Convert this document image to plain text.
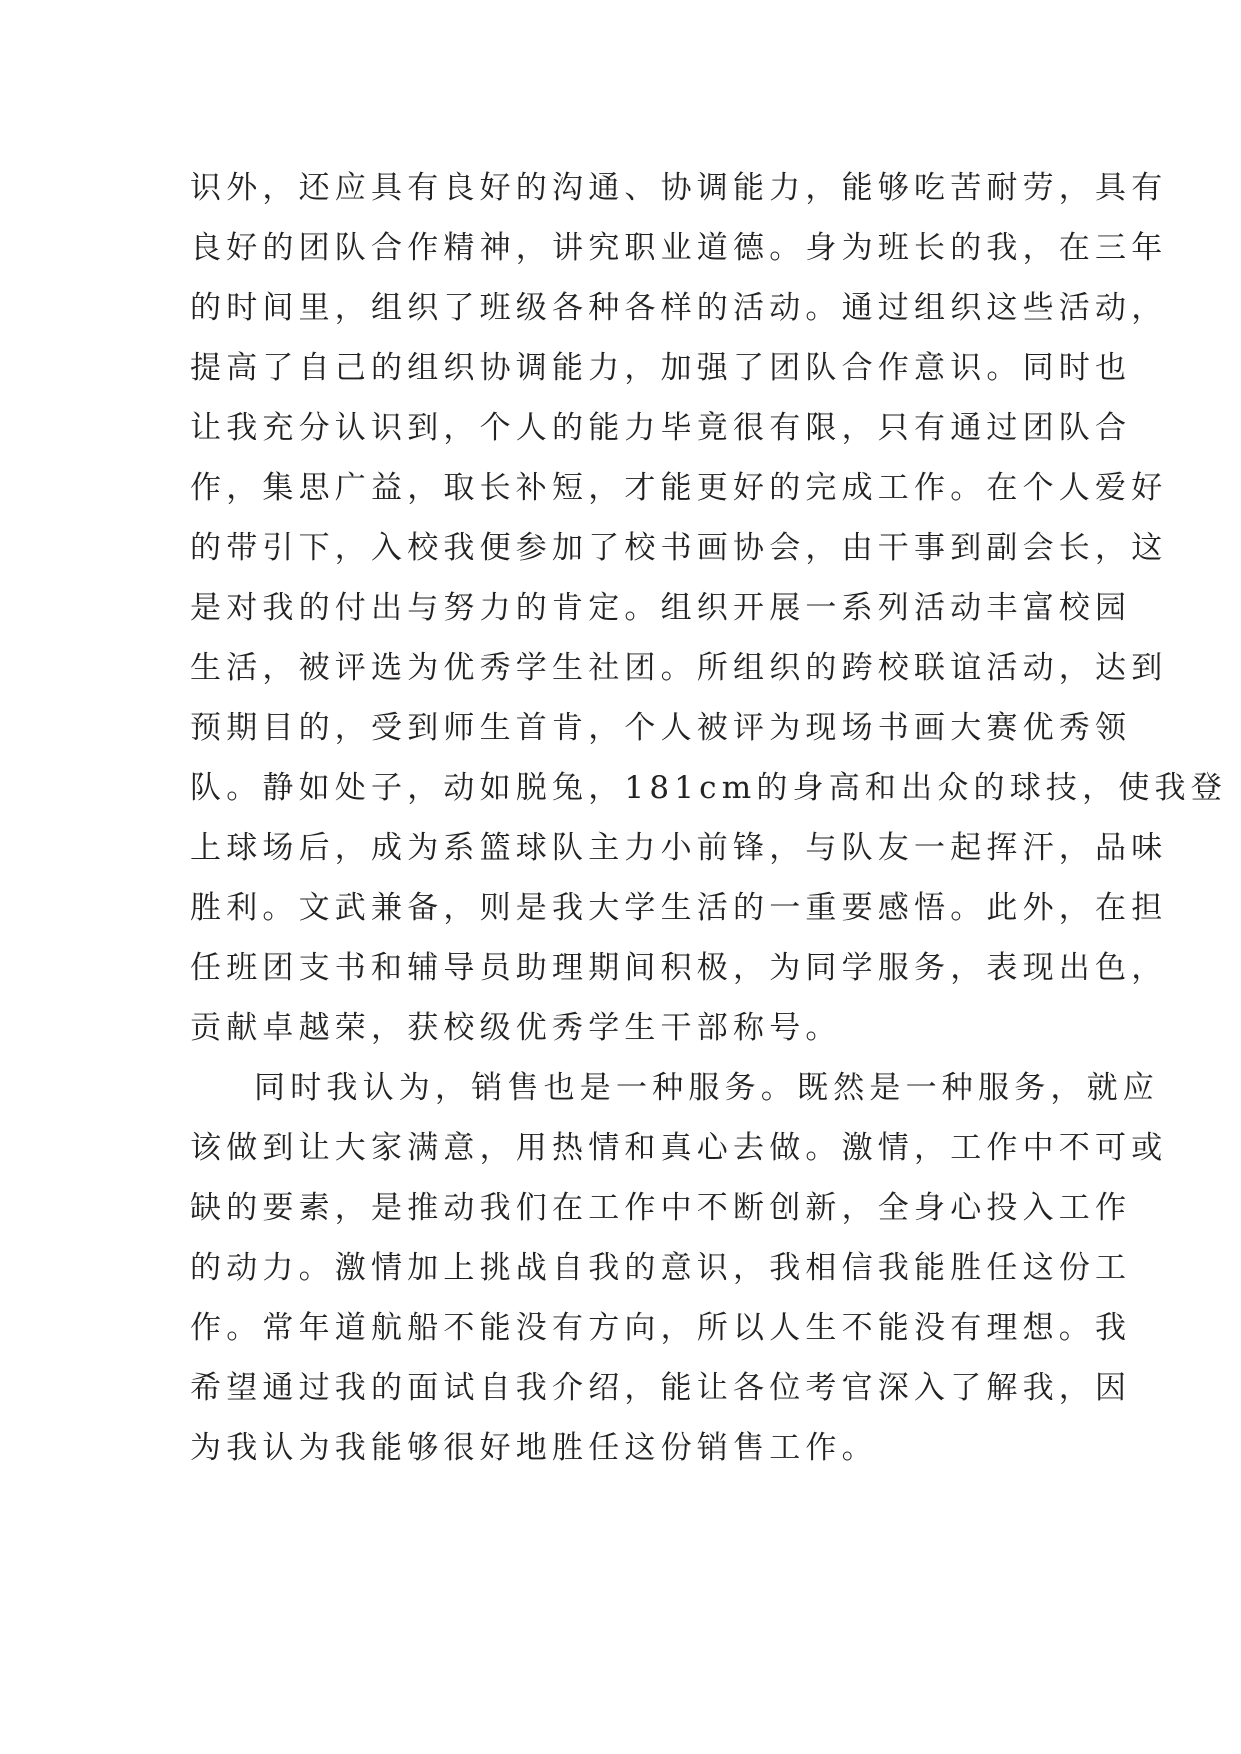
识外，还应具有良好的沟通、协调能力，能够吃苦耐劳，具有
良好的团队合作精神，讲究职业道德。身为班长的我，在三年
的时间里，组织了班级各种各样的活动。通过组织这些活动，
提高了自己的组织协调能力，加强了团队合作意识。同时也
让我充分认识到，个人的能力毕竟很有限，只有通过团队合
作，集思广益，取长补短，才能更好的完成工作。在个人爱好
的带引下，入校我便参加了校书画协会，由干事到副会长，这
是对我的付出与努力的肯定。组织开展一系列活动丰富校园
生活，被评选为优秀学生社团。所组织的跨校联谊活动，达到
预期目的，受到师生首肯，个人被评为现场书画大赛优秀领
队。静如处子，动如脱兔，181cm的身高和出众的球技，使我登
上球场后，成为系篮球队主力小前锋，与队友一起挥汗，品味
胜利。文武兼备，则是我大学生活的一重要感悟。此外，在担
任班团支书和辅导员助理期间积极，为同学服务，表现出色，
贡献卓越荣，获校级优秀学生干部称号。
同时我认为，销售也是一种服务。既然是一种服务，就应
该做到让大家满意，用热情和真心去做。激情，工作中不可或
缺的要素，是推动我们在工作中不断创新，全身心投入工作
的动力。激情加上挑战自我的意识，我相信我能胜任这份工
作。常年道航船不能没有方向，所以人生不能没有理想。我
希望通过我的面试自我介绍，能让各位考官深入了解我，因
为我认为我能够很好地胜任这份销售工作。
